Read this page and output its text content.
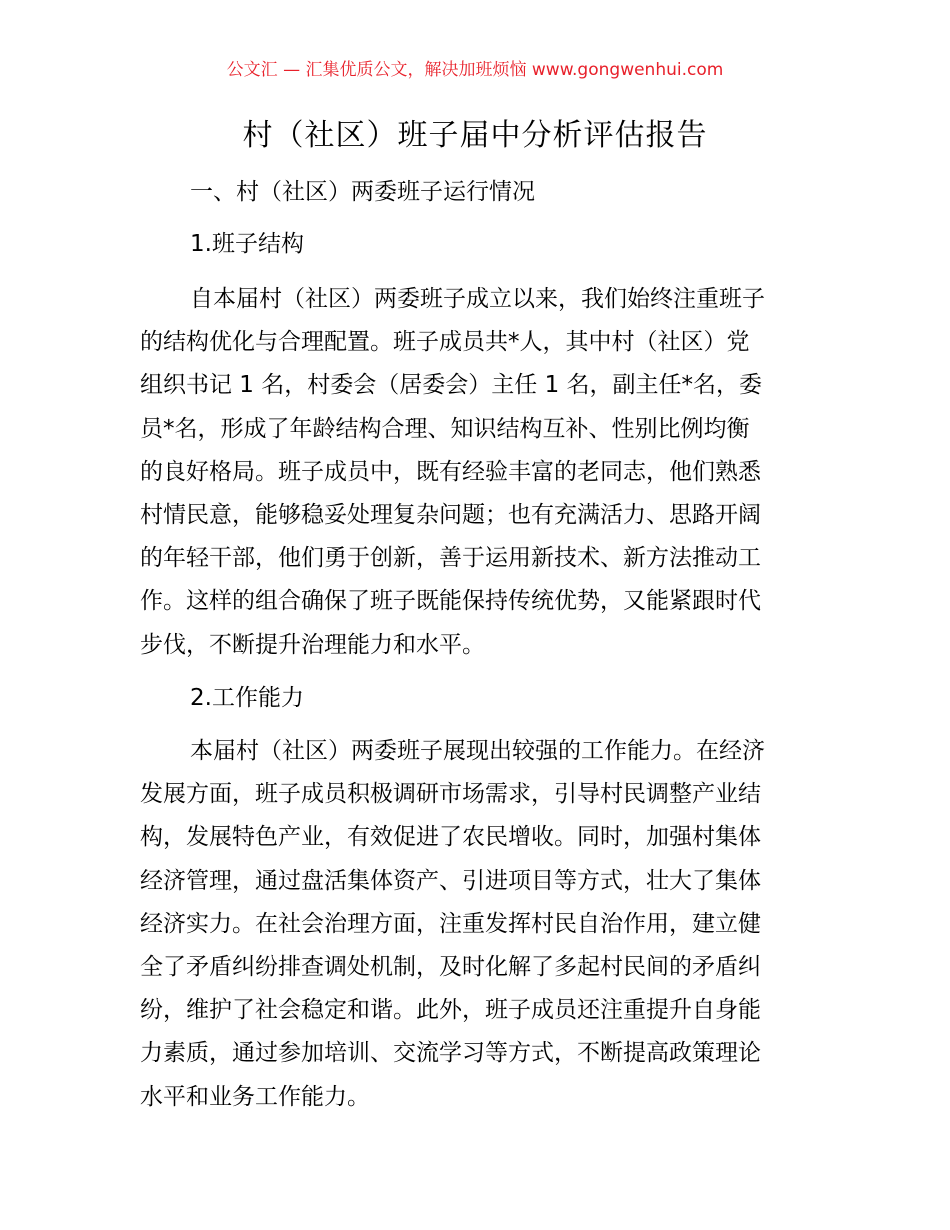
公文汇 — 汇集优质公文，解决加班烦恼 www.gongwenhui.com
村（社区）班子届中分析评估报告
一、村（社区）两委班子运行情况
1.班子结构
自本届村（社区）两委班子成立以来，我们始终注重班子
的结构优化与合理配置。班子成员共*人，其中村（社区）党
组织书记 1 名，村委会（居委会）主任 1 名，副主任*名，委
员*名，形成了年龄结构合理、知识结构互补、性别比例均衡
的良好格局。班子成员中，既有经验丰富的老同志，他们熟悉
村情民意，能够稳妥处理复杂问题；也有充满活力、思路开阔
的年轻干部，他们勇于创新，善于运用新技术、新方法推动工
作。这样的组合确保了班子既能保持传统优势，又能紧跟时代
步伐，不断提升治理能力和水平。
2.工作能力
本届村（社区）两委班子展现出较强的工作能力。在经济
发展方面，班子成员积极调研市场需求，引导村民调整产业结
构，发展特色产业，有效促进了农民增收。同时，加强村集体
经济管理，通过盘活集体资产、引进项目等方式，壮大了集体
经济实力。在社会治理方面，注重发挥村民自治作用，建立健
全了矛盾纠纷排查调处机制，及时化解了多起村民间的矛盾纠
纷，维护了社会稳定和谐。此外，班子成员还注重提升自身能
力素质，通过参加培训、交流学习等方式，不断提高政策理论
水平和业务工作能力。
